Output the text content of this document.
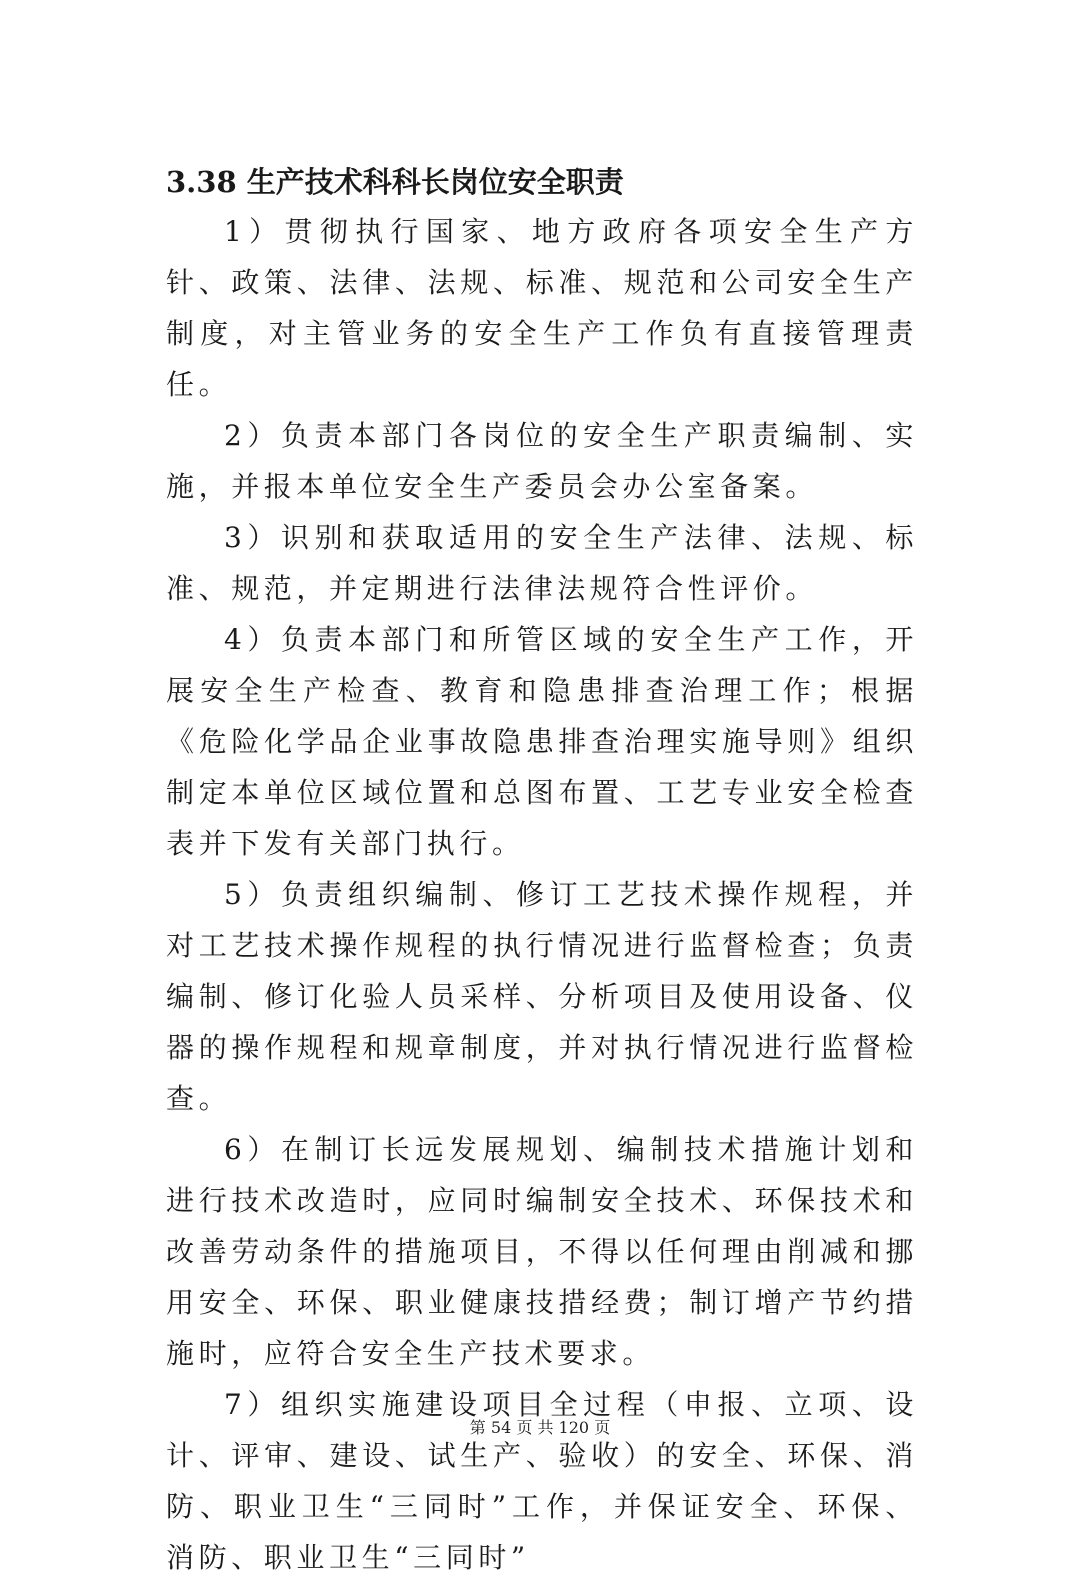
3.38 生产技术科科长岗位安全职责

1）贯彻执行国家、地方政府各项安全生产方针、政策、法律、法规、标准、规范和公司安全生产制度，对主管业务的安全生产工作负有直接管理责任。

2）负责本部门各岗位的安全生产职责编制、实施，并报本单位安全生产委员会办公室备案。

3）识别和获取适用的安全生产法律、法规、标准、规范，并定期进行法律法规符合性评价。

4）负责本部门和所管区域的安全生产工作，开展安全生产检查、教育和隐患排查治理工作；根据《危险化学品企业事故隐患排查治理实施导则》组织制定本单位区域位置和总图布置、工艺专业安全检查表并下发有关部门执行。

5）负责组织编制、修订工艺技术操作规程，并对工艺技术操作规程的执行情况进行监督检查；负责编制、修订化验人员采样、分析项目及使用设备、仪器的操作规程和规章制度，并对执行情况进行监督检查。

6）在制订长远发展规划、编制技术措施计划和进行技术改造时，应同时编制安全技术、环保技术和改善劳动条件的措施项目，不得以任何理由削减和挪用安全、环保、职业健康技措经费；制订增产节约措施时，应符合安全生产技术要求。

7）组织实施建设项目全过程（申报、立项、设计、评审、建设、试生产、验收）的安全、环保、消防、职业卫生“三同时”工作，并保证安全、环保、消防、职业卫生“三同时”

第 54 页 共 120 页
